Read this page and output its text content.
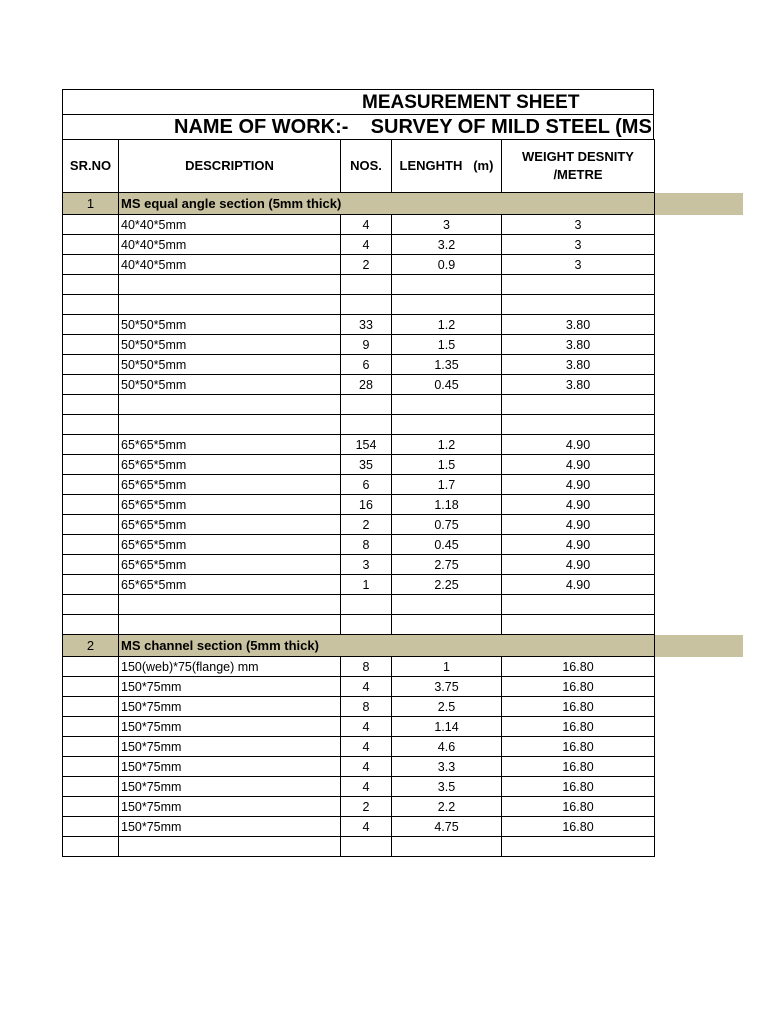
MEASUREMENT SHEET
NAME OF WORK:- SURVEY OF MILD STEEL (MS
SR.NO	DESCRIPTION	NOS.	LENGHTH   (m)	WEIGHT DESNITY
/METRE	
1	MS equal angle section (5mm thick)				
	40*40*5mm	4	3	3	
	40*40*5mm	4	3.2	3	
	40*40*5mm	2	0.9	3	

	50*50*5mm	33	1.2	3.80	
	50*50*5mm	9	1.5	3.80	
	50*50*5mm	6	1.35	3.80	
	50*50*5mm	28	0.45	3.80	

	65*65*5mm	154	1.2	4.90	
	65*65*5mm	35	1.5	4.90	
	65*65*5mm	6	1.7	4.90	
	65*65*5mm	16	1.18	4.90	
	65*65*5mm	2	0.75	4.90	
	65*65*5mm	8	0.45	4.90	
	65*65*5mm	3	2.75	4.90	
	65*65*5mm	1	2.25	4.90	

2	MS channel section (5mm thick)				
	150(web)*75(flange) mm	8	1	16.80	
	150*75mm	4	3.75	16.80	
	150*75mm	8	2.5	16.80	
	150*75mm	4	1.14	16.80	
	150*75mm	4	4.6	16.80	
	150*75mm	4	3.3	16.80	
	150*75mm	4	3.5	16.80	
	150*75mm	2	2.2	16.80	
	150*75mm	4	4.75	16.80	
